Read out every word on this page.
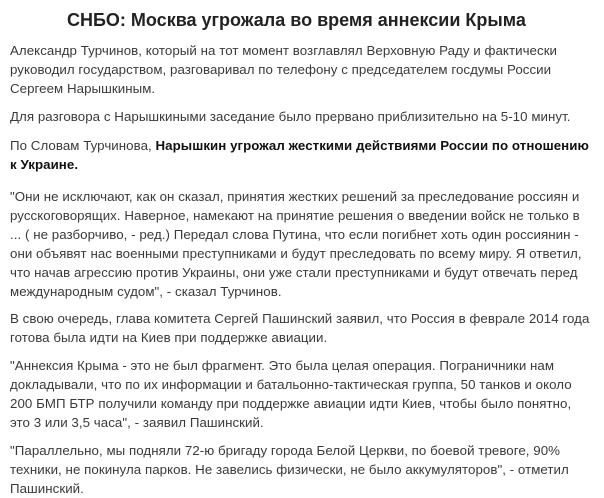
СНБО: Москва угрожала во время аннексии Крыма

Александр Турчинов, который на тот момент возглавлял Верховную Раду и фактически руководил государством, разговаривал по телефону с председателем госдумы России Сергеем Нарышкиным.

Для разговора с Нарышкиными заседание было прервано приблизительно на 5-10 минут.

По Словам Турчинова, Нарышкин угрожал жесткими действиями России по отношению к Украине.

"Они не исключают, как он сказал, принятия жестких решений за преследование россиян и русскоговорящих. Наверное, намекают на принятие решения о введении войск не только в ... ( не разборчиво, - ред.) Передал слова Путина, что если погибнет хоть один россиянин - они объявят нас военными преступниками и будут преследовать по всему миру. Я ответил, что начав агрессию против Украины, они уже стали преступниками и будут отвечать перед международным судом", - сказал Турчинов.

В свою очередь, глава комитета Сергей Пашинский заявил, что Россия в феврале 2014 года готова была идти на Киев при поддержке авиации.

"Аннексия Крыма - это не был фрагмент. Это была целая операция. Пограничники нам докладывали, что по их информации и батальонно-тактическая группа, 50 танков и около 200 БМП БТР получили команду при поддержке авиации идти Киев, чтобы было понятно, это 3 или 3,5 часа", - заявил Пашинский.

"Параллельно, мы подняли 72-ю бригаду города Белой Церкви, по боевой тревоге, 90% техники, не покинула парков. Не завелись физически, не было аккумуляторов", - отметил Пашинский.
